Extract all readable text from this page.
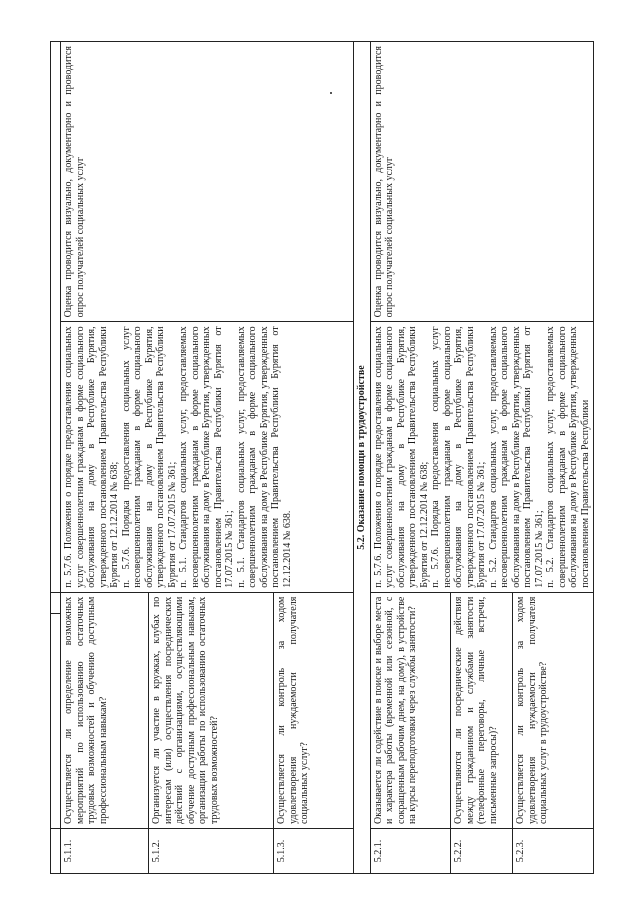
5.1.1.	Осуществляется ли определение возможных мероприятий по использованию остаточных трудовых возможностей и обучению доступным профессиональным навыкам?		п. 5.7.6. Положения о порядке предоставления социальных услуг совершеннолетним гражданам в форме социального обслуживания на дому в Республике Бурятия, утвержденного постановлением Правительства Республики Бурятия от 12.12.2014 № 638; п. 5.7.6. Порядка предоставления социальных услуг несовершеннолетним гражданам в форме социального обслуживания на дому в Республике Бурятия, утвержденного постановлением Правительства Республики Бурятия от 17.07.2015 № 361; п. 5.1. Стандартов социальных услуг, предоставляемых несовершеннолетним гражданам в форме социального обслуживания на дому в Республике Бурятия, утвержденных постановлением Правительства Республики Бурятия от 17.07.2015 № 361; п. 5.1. Стандартов социальных услуг, предоставляемых совершеннолетним гражданам в форме социального обслуживания на дому в Республике Бурятия, утвержденных постановлением Правительства Республики Бурятия от 12.12.2014 № 638.	Оценка проводится визуально, документарно и проводится опрос получателей социальных услуг
5.1.2.	Организуется ли участие в кружках, клубах по интересам (или) осуществления посреднических действий с организациями, осуществляющими обучение доступным профессиональным навыкам, организации работы по использованию остаточных трудовых возможностей?			
5.1.3.	Осуществляется ли контроль за ходом удовлетворения нуждаемости получателя социальных услуг?			
5.2. Оказание помощи в трудоустройстве				
5.2.1.	Оказывается ли содействие в поиске и выборе места и характера работы (временной или сезонной, с сокращенным рабочим днем, на дому), в устройстве на курсы переподготовки через службы занятости?		п. 5.7.6. Положения о порядке предоставления социальных услуг совершеннолетним гражданам в форме социального обслуживания на дому в Республике Бурятия, утвержденного постановлением Правительства Республики Бурятия от 12.12.2014 № 638; п. 5.7.6. Порядка предоставления социальных услуг несовершеннолетним гражданам в форме социального обслуживания на дому в Республике Бурятия, утвержденного постановлением Правительства Республики Бурятия от 17.07.2015 № 361; п. 5.2. Стандартов социальных услуг, предоставляемых несовершеннолетним гражданам в форме социального обслуживания на дому в Республике Бурятия, утвержденных постановлением Правительства Республики Бурятия от 17.07.2015 № 361; п. 5.2. Стандартов социальных услуг, предоставляемых совершеннолетним гражданам в форме социального обслуживания на дому в Республике Бурятия, утвержденных постановлением Правительства Республики	Оценка проводится визуально, документарно и проводится опрос получателей социальных услуг
5.2.2.	Осуществляются ли посреднические действия между гражданином и службами занятости (телефонные переговоры, личные встречи, письменные запросы)?			
5.2.3.	Осуществляется ли контроль за ходом удовлетворения нуждаемости получателя социальных услуг в трудоустройстве?			
